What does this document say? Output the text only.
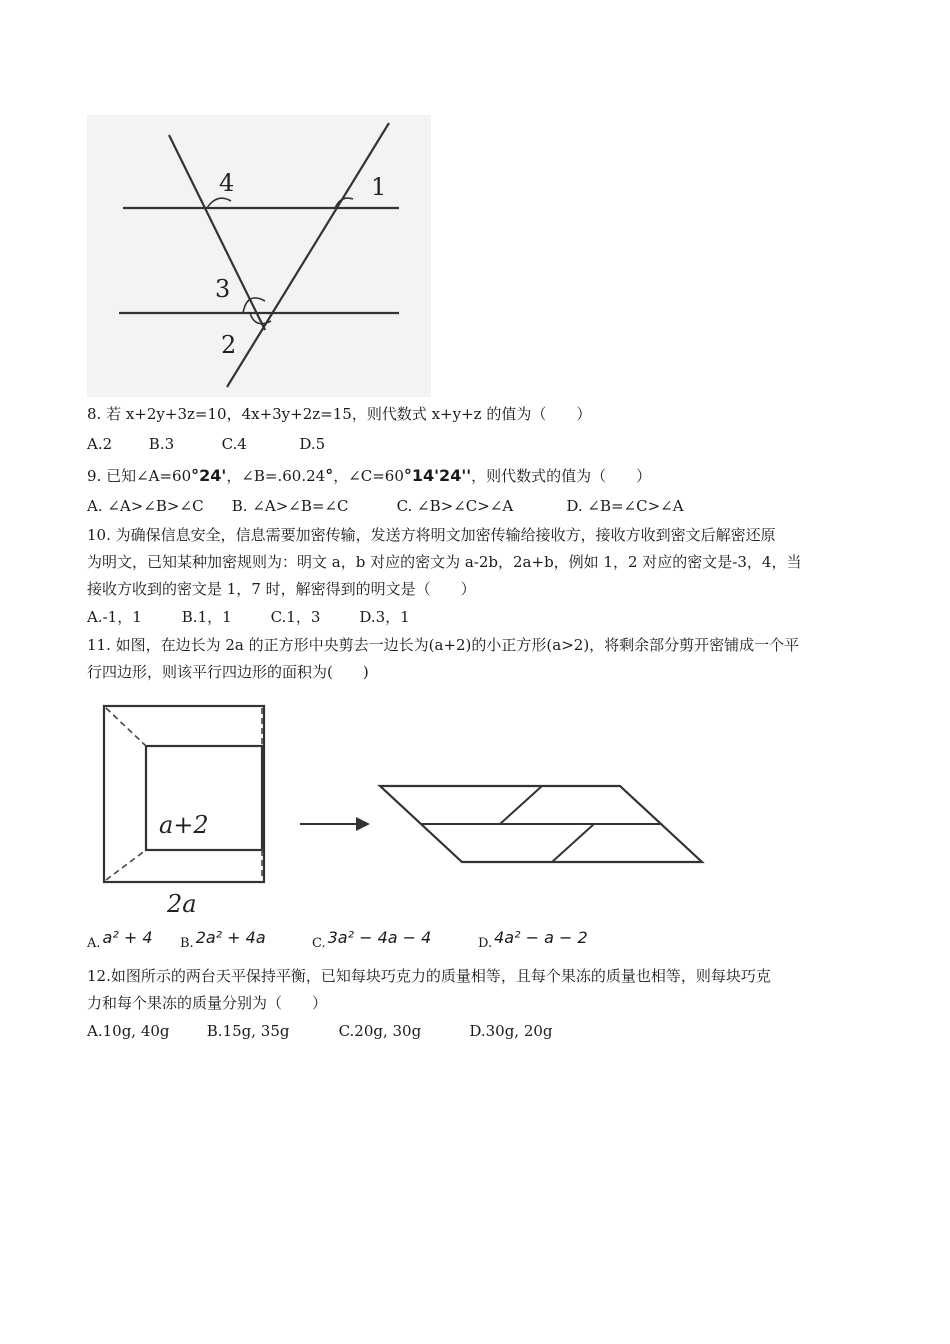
4	1
3
2
8. 若 x+2y+3z=10，4x+3y+2z=15，则代数式 x+y+z 的值为（　　）
A.2 B.3	C.4	D.5
9. 已知∠A=60°24'，∠B=.60.24°，∠C=60°14'24''，则代数式的值为（　　）
A. ∠A>∠B>∠C B. ∠A>∠B=∠C	C. ∠B>∠C>∠A	D. ∠B=∠C>∠A
10. 为确保信息安全，信息需要加密传输，发送方将明文加密传输给接收方，接收方收到密文后解密还原
为明文，已知某种加密规则为：明文 a，b 对应的密文为 a-2b，2a+b，例如 1，2 对应的密文是-3，4，当
接收方收到的密文是 1，7 时，解密得到的明文是（　　）
A.-1，1	B.1，1	C.1，3	D.3，1
11. 如图，在边长为 2a 的正方形中央剪去一边长为(a+2)的小正方形(a>2)，将剩余部分剪开密铺成一个平
行四边形，则该平行四边形的面积为(　　)
a+2
2a
$_{A.}$ a² + 4 $_{B.}$ 2a² + 4a	$_{C.}$ 3a² − 4a − 4	$_{D.}$ 4a² − a − 2
12.如图所示的两台天平保持平衡，已知每块巧克力的质量相等，且每个果冻的质量也相等，则每块巧克
力和每个果冻的质量分别为（　　）
A.10g, 40g B.15g, 35g	C.20g, 30g	D.30g, 20g
